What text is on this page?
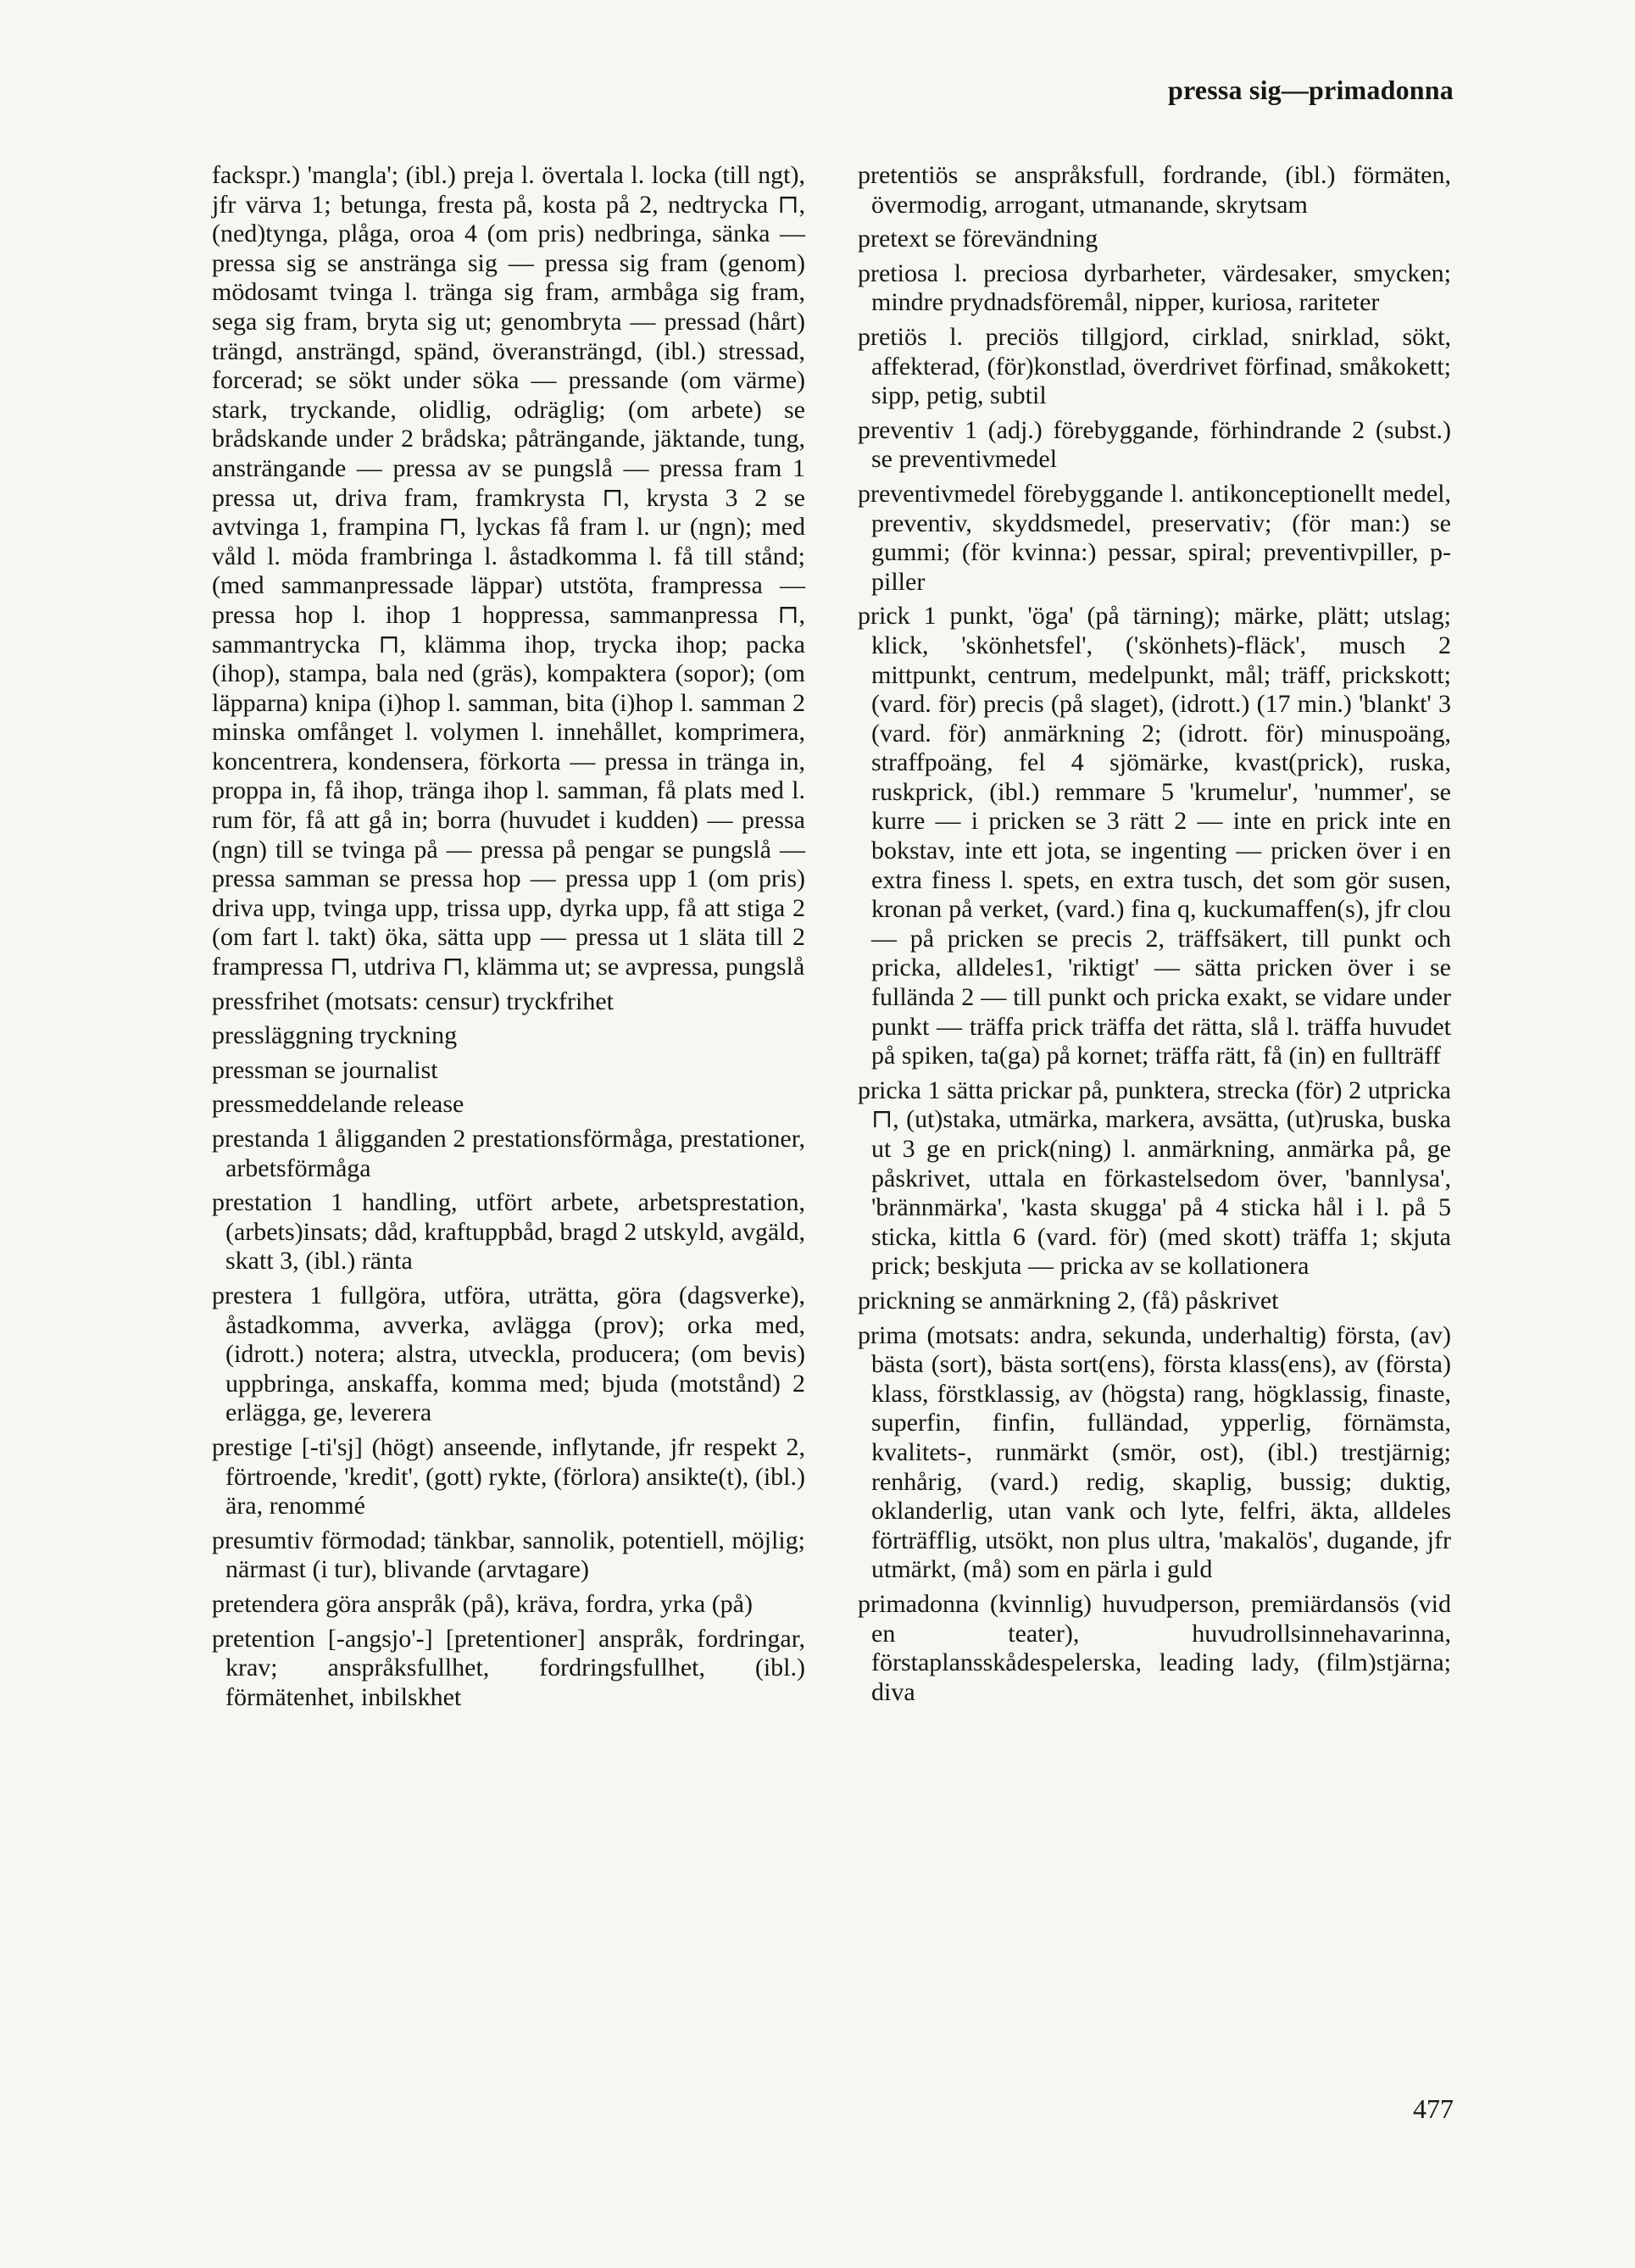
pressa sig—primadonna

fackspr.) 'mangla'; (ibl.) preja l. övertala l. locka (till ngt), jfr värva 1; betunga, fresta på, kosta på 2, nedtrycka ⊓, (ned)tynga, plåga, oroa 4 (om pris) nedbringa, sänka — pressa sig se anstränga sig — pressa sig fram (genom) mödosamt tvinga l. tränga sig fram, armbåga sig fram, sega sig fram, bryta sig ut; genombryta — pressad (hårt) trängd, ansträngd, spänd, överansträngd, (ibl.) stressad, forcerad; se sökt under söka — pressande (om värme) stark, tryckande, olidlig, odräglig; (om arbete) se brådskande under 2 brådska; påträngande, jäktande, tung, ansträngande — pressa av se pungslå — pressa fram 1 pressa ut, driva fram, framkrysta ⊓, krysta 3 2 se avtvinga 1, frampina ⊓, lyckas få fram l. ur (ngn); med våld l. möda frambringa l. åstadkomma l. få till stånd; (med sammanpressade läppar) utstöta, frampressa — pressa hop l. ihop 1 hoppressa, sammanpressa ⊓, sammantrycka ⊓, klämma ihop, trycka ihop; packa (ihop), stampa, bala ned (gräs), kompaktera (sopor); (om läpparna) knipa (i)hop l. samman, bita (i)hop l. samman 2 minska omfånget l. volymen l. innehållet, komprimera, koncentrera, kondensera, förkorta — pressa in tränga in, proppa in, få ihop, tränga ihop l. samman, få plats med l. rum för, få att gå in; borra (huvudet i kudden) — pressa (ngn) till se tvinga på — pressa på pengar se pungslå — pressa samman se pressa hop — pressa upp 1 (om pris) driva upp, tvinga upp, trissa upp, dyrka upp, få att stiga 2 (om fart l. takt) öka, sätta upp — pressa ut 1 släta till 2 frampressa ⊓, utdriva ⊓, klämma ut; se avpressa, pungslå

pressfrihet (motsats: censur) tryckfrihet

pressläggning tryckning

pressman se journalist

pressmeddelande release

prestanda 1 åligganden 2 prestationsförmåga, prestationer, arbetsförmåga

prestation 1 handling, utfört arbete, arbetsprestation, (arbets)insats; dåd, kraftuppbåd, bragd 2 utskyld, avgäld, skatt 3, (ibl.) ränta

prestera 1 fullgöra, utföra, uträtta, göra (dagsverke), åstadkomma, avverka, avlägga (prov); orka med, (idrott.) notera; alstra, utveckla, producera; (om bevis) uppbringa, anskaffa, komma med; bjuda (motstånd) 2 erlägga, ge, leverera

prestige [-ti'sj] (högt) anseende, inflytande, jfr respekt 2, förtroende, 'kredit', (gott) rykte, (förlora) ansikte(t), (ibl.) ära, renommé

presumtiv förmodad; tänkbar, sannolik, potentiell, möjlig; närmast (i tur), blivande (arvtagare)

pretendera göra anspråk (på), kräva, fordra, yrka (på)

pretention [-angsjo'-] [pretentioner] anspråk, fordringar, krav; anspråksfullhet, fordringsfullhet, (ibl.) förmätenhet, inbilskhet

pretentiös se anspråksfull, fordrande, (ibl.) förmäten, övermodig, arrogant, utmanande, skrytsam

pretext se förevändning

pretiosa l. preciosa dyrbarheter, värdesaker, smycken; mindre prydnadsföremål, nipper, kuriosa, rariteter

pretiös l. preciös tillgjord, cirklad, snirklad, sökt, affekterad, (för)konstlad, överdrivet förfinad, småkokett; sipp, petig, subtil

preventiv 1 (adj.) förebyggande, förhindrande 2 (subst.) se preventivmedel

preventivmedel förebyggande l. antikonceptionellt medel, preventiv, skyddsmedel, preservativ; (för man:) se gummi; (för kvinna:) pessar, spiral; preventivpiller, p-piller

prick 1 punkt, 'öga' (på tärning); märke, plätt; utslag; klick, 'skönhetsfel', ('skönhets)-fläck', musch 2 mittpunkt, centrum, medelpunkt, mål; träff, prickskott; (vard. för) precis (på slaget), (idrott.) (17 min.) 'blankt' 3 (vard. för) anmärkning 2; (idrott. för) minuspoäng, straffpoäng, fel 4 sjömärke, kvast(prick), ruska, ruskprick, (ibl.) remmare 5 'krumelur', 'nummer', se kurre — i pricken se 3 rätt 2 — inte en prick inte en bokstav, inte ett jota, se ingenting — pricken över i en extra finess l. spets, en extra tusch, det som gör susen, kronan på verket, (vard.) fina q, kuckumaffen(s), jfr clou — på pricken se precis 2, träffsäkert, till punkt och pricka, alldeles1, 'riktigt' — sätta pricken över i se fulländа 2 — till punkt och pricka exakt, se vidare under punkt — träffa prick träffa det rätta, slå l. träffa huvudet på spiken, ta(ga) på kornet; träffa rätt, få (in) en fullträff

pricka 1 sätta prickar på, punktera, strecka (för) 2 utpricka ⊓, (ut)staka, utmärka, markera, avsätta, (ut)ruska, buska ut 3 ge en prick(ning) l. anmärkning, anmärka på, ge påskrivet, uttala en förkastelsedom över, 'bannlysa', 'brännmärka', 'kasta skugga' på 4 sticka hål i l. på 5 sticka, kittla 6 (vard. för) (med skott) träffa 1; skjuta prick; beskjuta — pricka av se kollationera

prickning se anmärkning 2, (få) påskrivet

prima (motsats: andra, sekunda, underhaltig) första, (av) bästa (sort), bästa sort(ens), första klass(ens), av (första) klass, förstklassig, av (högsta) rang, högklassig, finaste, superfin, finfin, fulländad, ypperlig, förnämsta, kvalitets-, runmärkt (smör, ost), (ibl.) trestjärnig; renhårig, (vard.) redig, skaplig, bussig; duktig, oklanderlig, utan vank och lyte, felfri, äkta, alldeles förträfflig, utsökt, non plus ultra, 'makalös', dugande, jfr utmärkt, (må) som en pärla i guld

primadonna (kvinnlig) huvudperson, premiärdansös (vid en teater), huvudrollsinnehavarinna, förstaplansskådespelerska, leading lady, (film)stjärna; diva

477
